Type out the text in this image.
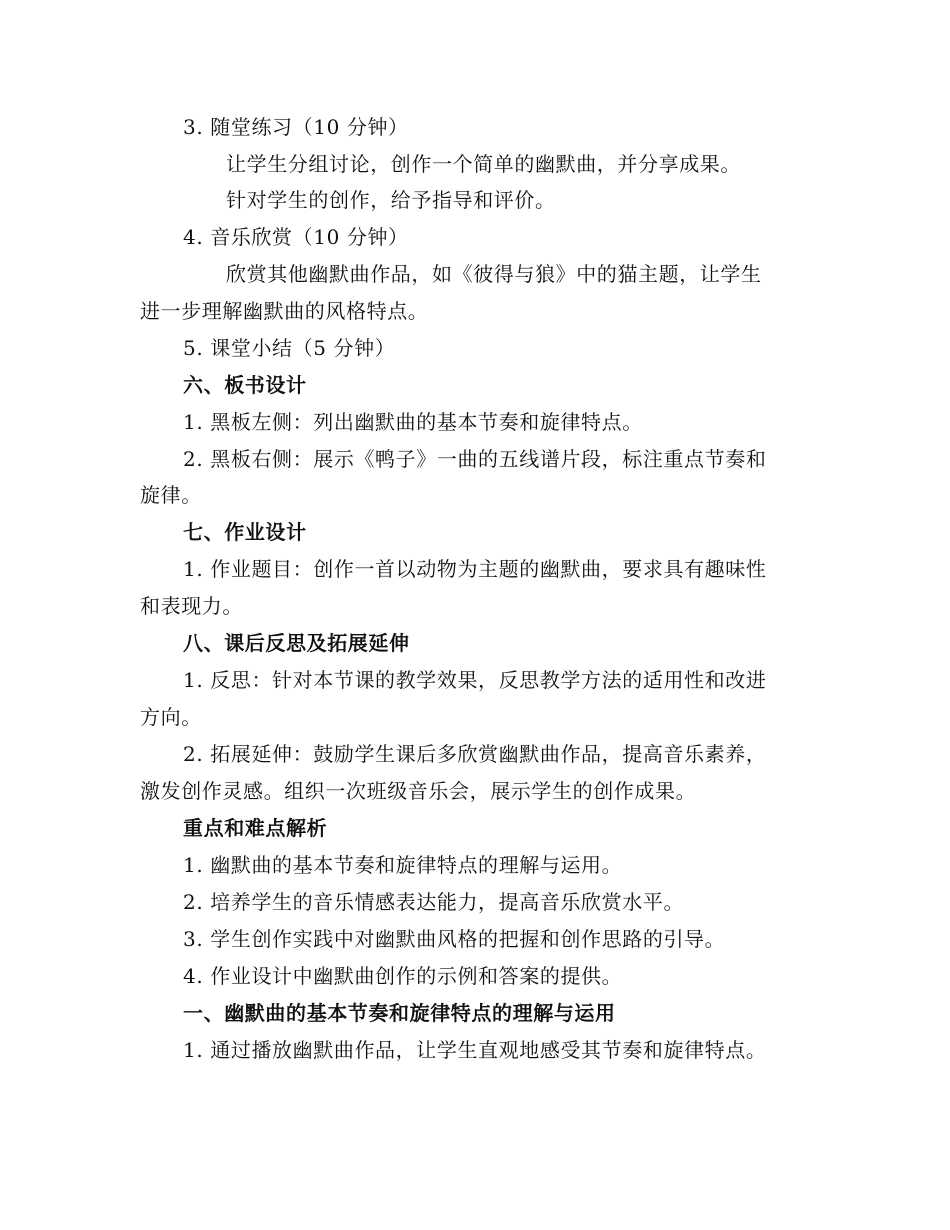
3. 随堂练习（10 分钟）
让学生分组讨论，创作一个简单的幽默曲，并分享成果。
针对学生的创作，给予指导和评价。
4. 音乐欣赏（10 分钟）
欣赏其他幽默曲作品，如《彼得与狼》中的猫主题，让学生
进一步理解幽默曲的风格特点。
5. 课堂小结（5 分钟）
六、板书设计
1. 黑板左侧：列出幽默曲的基本节奏和旋律特点。
2. 黑板右侧：展示《鸭子》一曲的五线谱片段，标注重点节奏和
旋律。
七、作业设计
1. 作业题目：创作一首以动物为主题的幽默曲，要求具有趣味性
和表现力。
八、课后反思及拓展延伸
1. 反思：针对本节课的教学效果，反思教学方法的适用性和改进
方向。
2. 拓展延伸：鼓励学生课后多欣赏幽默曲作品，提高音乐素养，
激发创作灵感。组织一次班级音乐会，展示学生的创作成果。
重点和难点解析
1. 幽默曲的基本节奏和旋律特点的理解与运用。
2. 培养学生的音乐情感表达能力，提高音乐欣赏水平。
3. 学生创作实践中对幽默曲风格的把握和创作思路的引导。
4. 作业设计中幽默曲创作的示例和答案的提供。
一、幽默曲的基本节奏和旋律特点的理解与运用
1. 通过播放幽默曲作品，让学生直观地感受其节奏和旋律特点。
